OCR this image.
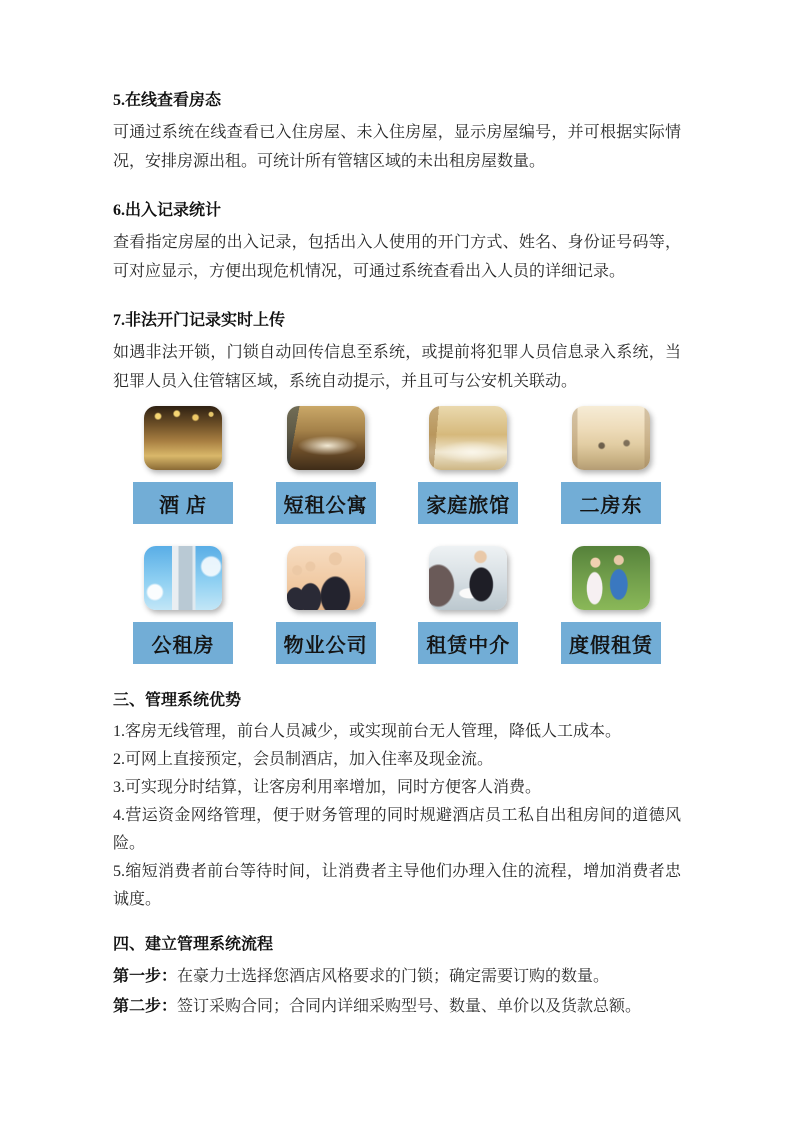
5.在线查看房态

可通过系统在线查看已入住房屋、未入住房屋，显示房屋编号，并可根据实际情况，安排房源出租。可统计所有管辖区域的未出租房屋数量。

6.出入记录统计

查看指定房屋的出入记录，包括出入人使用的开门方式、姓名、身份证号码等，可对应显示，方便出现危机情况，可通过系统查看出入人员的详细记录。

7.非法开门记录实时上传

如遇非法开锁，门锁自动回传信息至系统，或提前将犯罪人员信息录入系统，当犯罪人员入住管辖区域，系统自动提示，并且可与公安机关联动。

酒 店	短租公寓	家庭旅馆	二房东
公租房	物业公司	租赁中介	度假租赁
三、管理系统优势

1.客房无线管理，前台人员减少，或实现前台无人管理，降低人工成本。

2.可网上直接预定，会员制酒店，加入住率及现金流。

3.可实现分时结算，让客房利用率增加，同时方便客人消费。

4.营运资金网络管理，便于财务管理的同时规避酒店员工私自出租房间的道德风险。

5.缩短消费者前台等待时间，让消费者主导他们办理入住的流程，增加消费者忠诚度。

四、建立管理系统流程

第一步：在豪力士选择您酒店风格要求的门锁；确定需要订购的数量。

第二步：签订采购合同；合同内详细采购型号、数量、单价以及货款总额。
